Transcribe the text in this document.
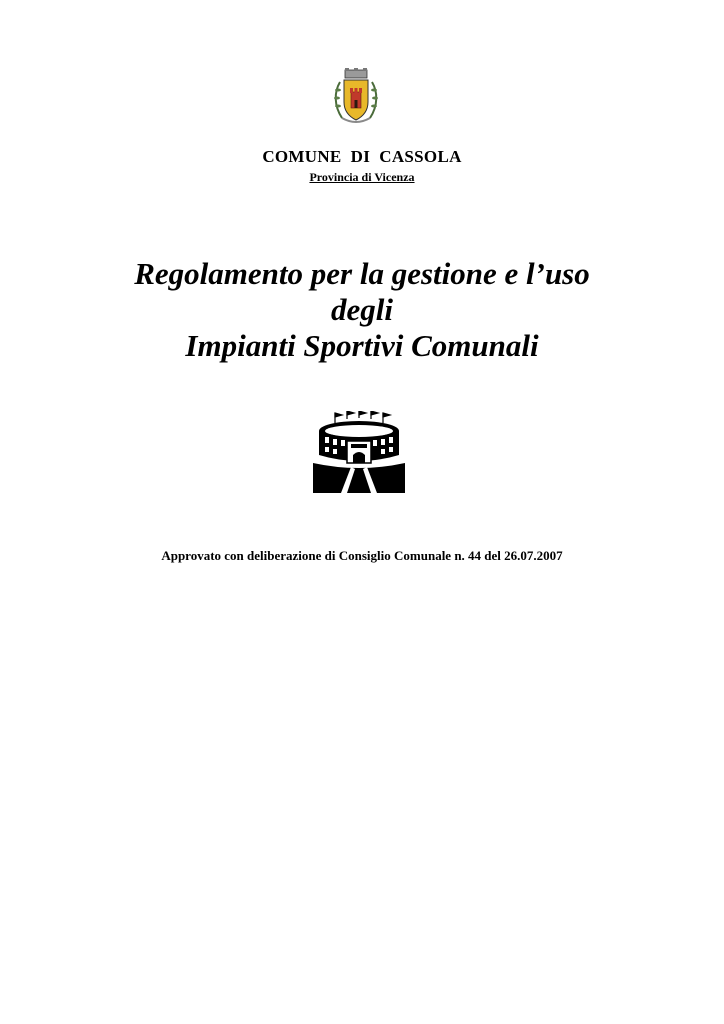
COMUNE  DI  CASSOLA
Provincia di Vicenza
Regolamento per la gestione e l’uso
degli
Impianti Sportivi Comunali
Approvato con deliberazione di Consiglio Comunale n. 44 del 26.07.2007
